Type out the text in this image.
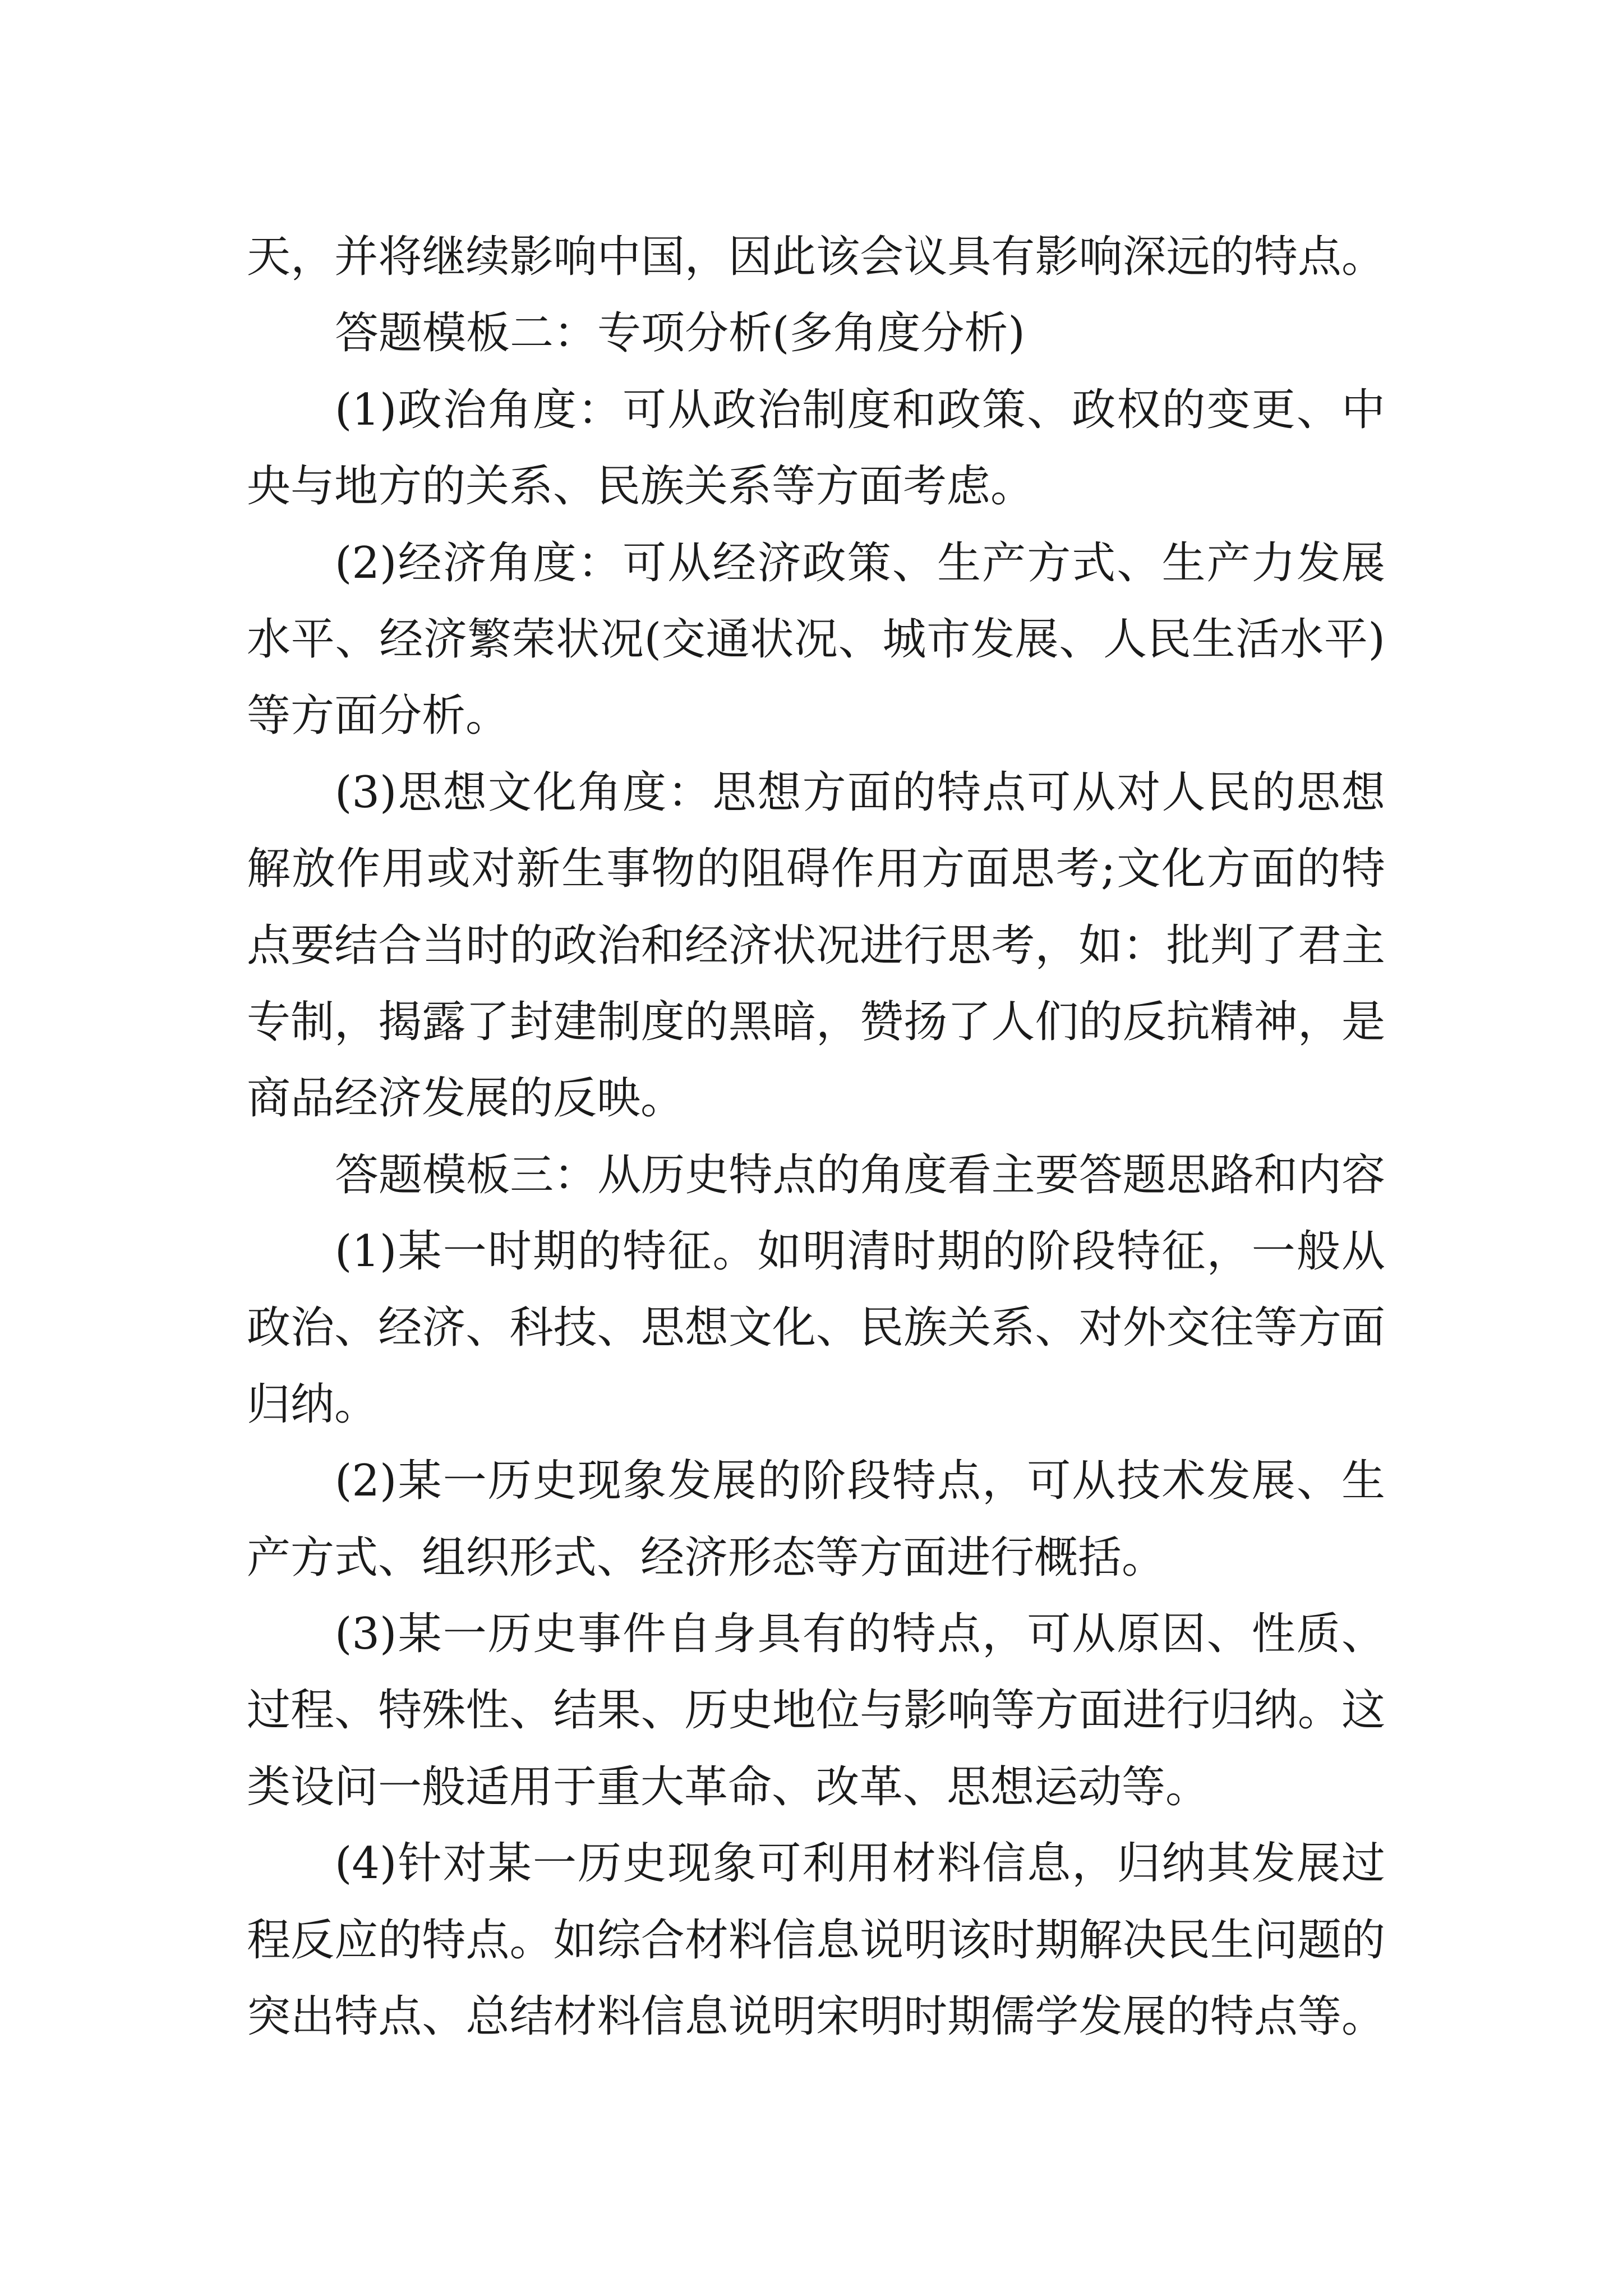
天，并将继续影响中国，因此该会议具有影响深远的特点。
答题模板二：专项分析(多角度分析)
(1)政治角度：可从政治制度和政策、政权的变更、中
央与地方的关系、民族关系等方面考虑。
(2)经济角度：可从经济政策、生产方式、生产力发展
水平、经济繁荣状况(交通状况、城市发展、人民生活水平)
等方面分析。
(3)思想文化角度：思想方面的特点可从对人民的思想
解放作用或对新生事物的阻碍作用方面思考;文化方面的特
点要结合当时的政治和经济状况进行思考，如：批判了君主
专制，揭露了封建制度的黑暗，赞扬了人们的反抗精神，是
商品经济发展的反映。
答题模板三：从历史特点的角度看主要答题思路和内容
(1)某一时期的特征。如明清时期的阶段特征，一般从
政治、经济、科技、思想文化、民族关系、对外交往等方面
归纳。
(2)某一历史现象发展的阶段特点，可从技术发展、生
产方式、组织形式、经济形态等方面进行概括。
(3)某一历史事件自身具有的特点，可从原因、性质、
过程、特殊性、结果、历史地位与影响等方面进行归纳。这
类设问一般适用于重大革命、改革、思想运动等。
(4)针对某一历史现象可利用材料信息，归纳其发展过
程反应的特点。如综合材料信息说明该时期解决民生问题的
突出特点、总结材料信息说明宋明时期儒学发展的特点等。
